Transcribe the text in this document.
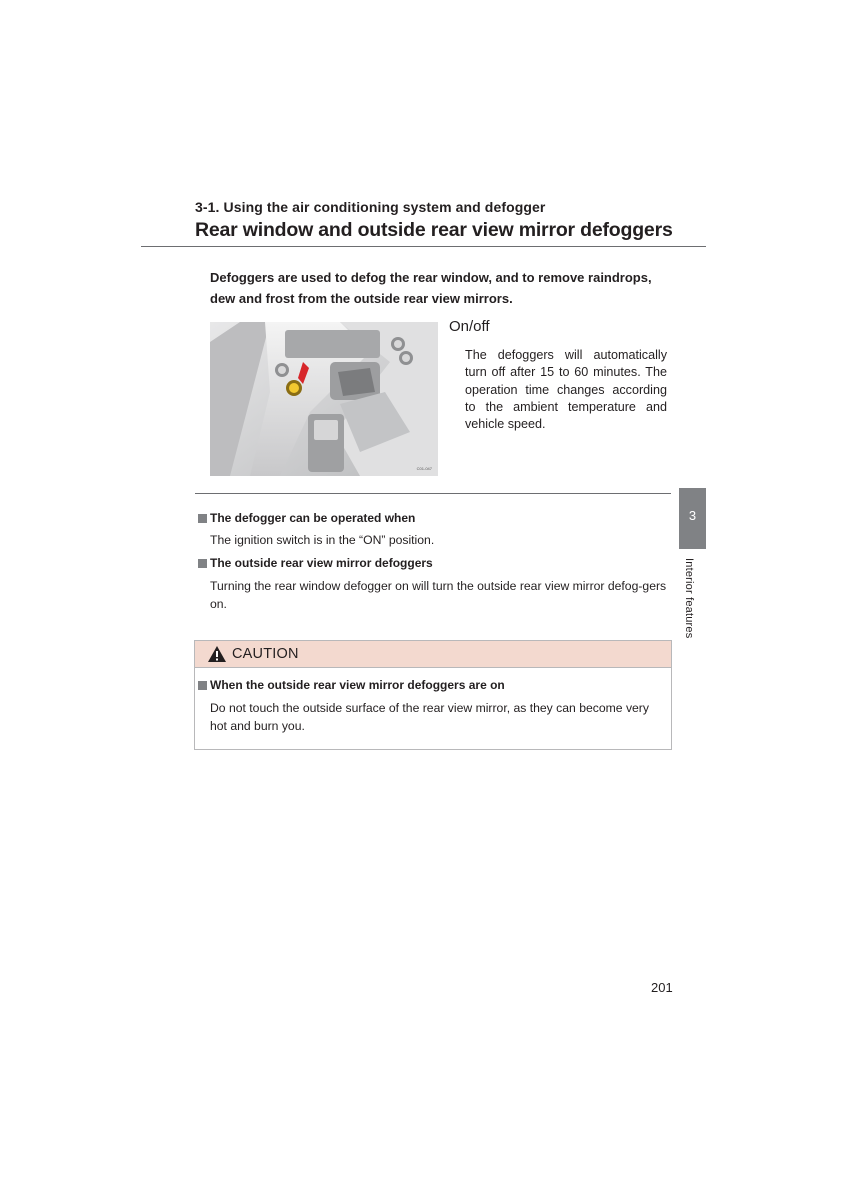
3-1. Using the air conditioning system and defogger
Rear window and outside rear view mirror defoggers
Defoggers are used to defog the rear window, and to remove raindrops, dew and frost from the outside rear view mirrors.
C01-047
On/off
The defoggers will automatically turn off after 15 to 60 minutes. The operation time changes according to the ambient temperature and vehicle speed.
The defogger can be operated when
The ignition switch is in the “ON” position.
The outside rear view mirror defoggers
Turning the rear window defogger on will turn the outside rear view mirror defog-gers on.
CAUTION
When the outside rear view mirror defoggers are on
Do not touch the outside surface of the rear view mirror, as they can become very hot and burn you.
3
Interior features
201
